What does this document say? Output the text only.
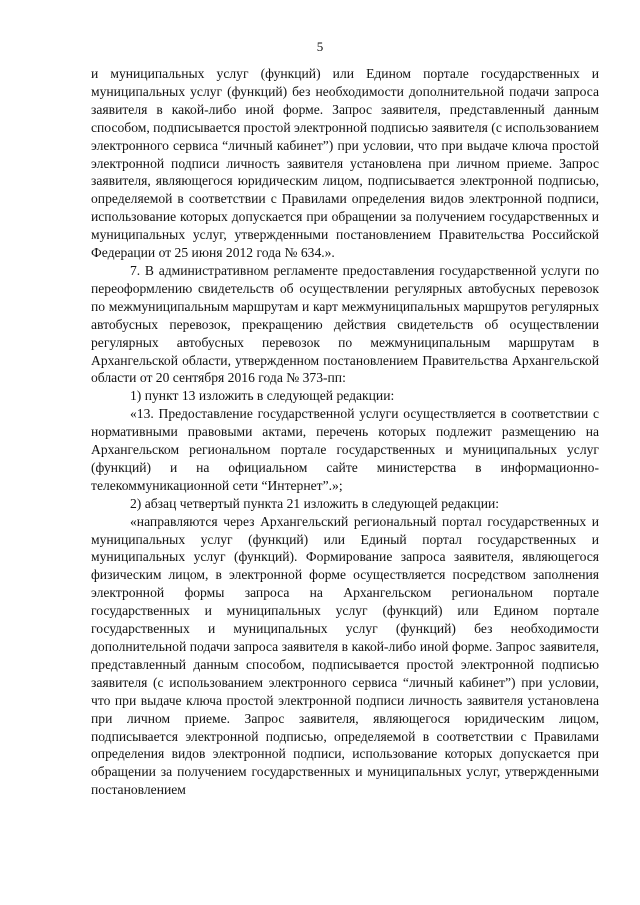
5

и муниципальных услуг (функций) или Едином портале государственных и муниципальных услуг (функций) без необходимости дополнительной подачи запроса заявителя в какой-либо иной форме. Запрос заявителя, представленный данным способом, подписывается простой электронной подписью заявителя (с использованием электронного сервиса “личный кабинет”) при условии, что при выдаче ключа простой электронной подписи личность заявителя установлена при личном приеме. Запрос заявителя, являющегося юридическим лицом, подписывается электронной подписью, определяемой в соответствии с Правилами определения видов электронной подписи, использование которых допускается при обращении за получением государственных и муниципальных услуг, утвержденными постановлением Правительства Российской Федерации от 25 июня 2012 года № 634.».

7. В административном регламенте предоставления государственной услуги по переоформлению свидетельств об осуществлении регулярных автобусных перевозок по межмуниципальным маршрутам и карт межмуниципальных маршрутов регулярных автобусных перевозок, прекращению действия свидетельств об осуществлении регулярных автобусных перевозок по межмуниципальным маршрутам в Архангельской области, утвержденном постановлением Правительства Архангельской области от 20 сентября 2016 года № 373-пп:

1) пункт 13 изложить в следующей редакции:

«13. Предоставление государственной услуги осуществляется в соответствии с нормативными правовыми актами, перечень которых подлежит размещению на Архангельском региональном портале государственных и муниципальных услуг (функций) и на официальном сайте министерства в информационно-телекоммуникационной сети “Интернет”.»;

2) абзац четвертый пункта 21 изложить в следующей редакции:

«направляются через Архангельский региональный портал государственных и муниципальных услуг (функций) или Единый портал государственных и муниципальных услуг (функций). Формирование запроса заявителя, являющегося физическим лицом, в электронной форме осуществляется посредством заполнения электронной формы запроса на Архангельском региональном портале государственных и муниципальных услуг (функций) или Едином портале государственных и муниципальных услуг (функций) без необходимости дополнительной подачи запроса заявителя в какой-либо иной форме. Запрос заявителя, представленный данным способом, подписывается простой электронной подписью заявителя (с использованием электронного сервиса “личный кабинет”) при условии, что при выдаче ключа простой электронной подписи личность заявителя установлена при личном приеме. Запрос заявителя, являющегося юридическим лицом, подписывается электронной подписью, определяемой в соответствии с Правилами определения видов электронной подписи, использование которых допускается при обращении за получением государственных и муниципальных услуг, утвержденными постановлением
